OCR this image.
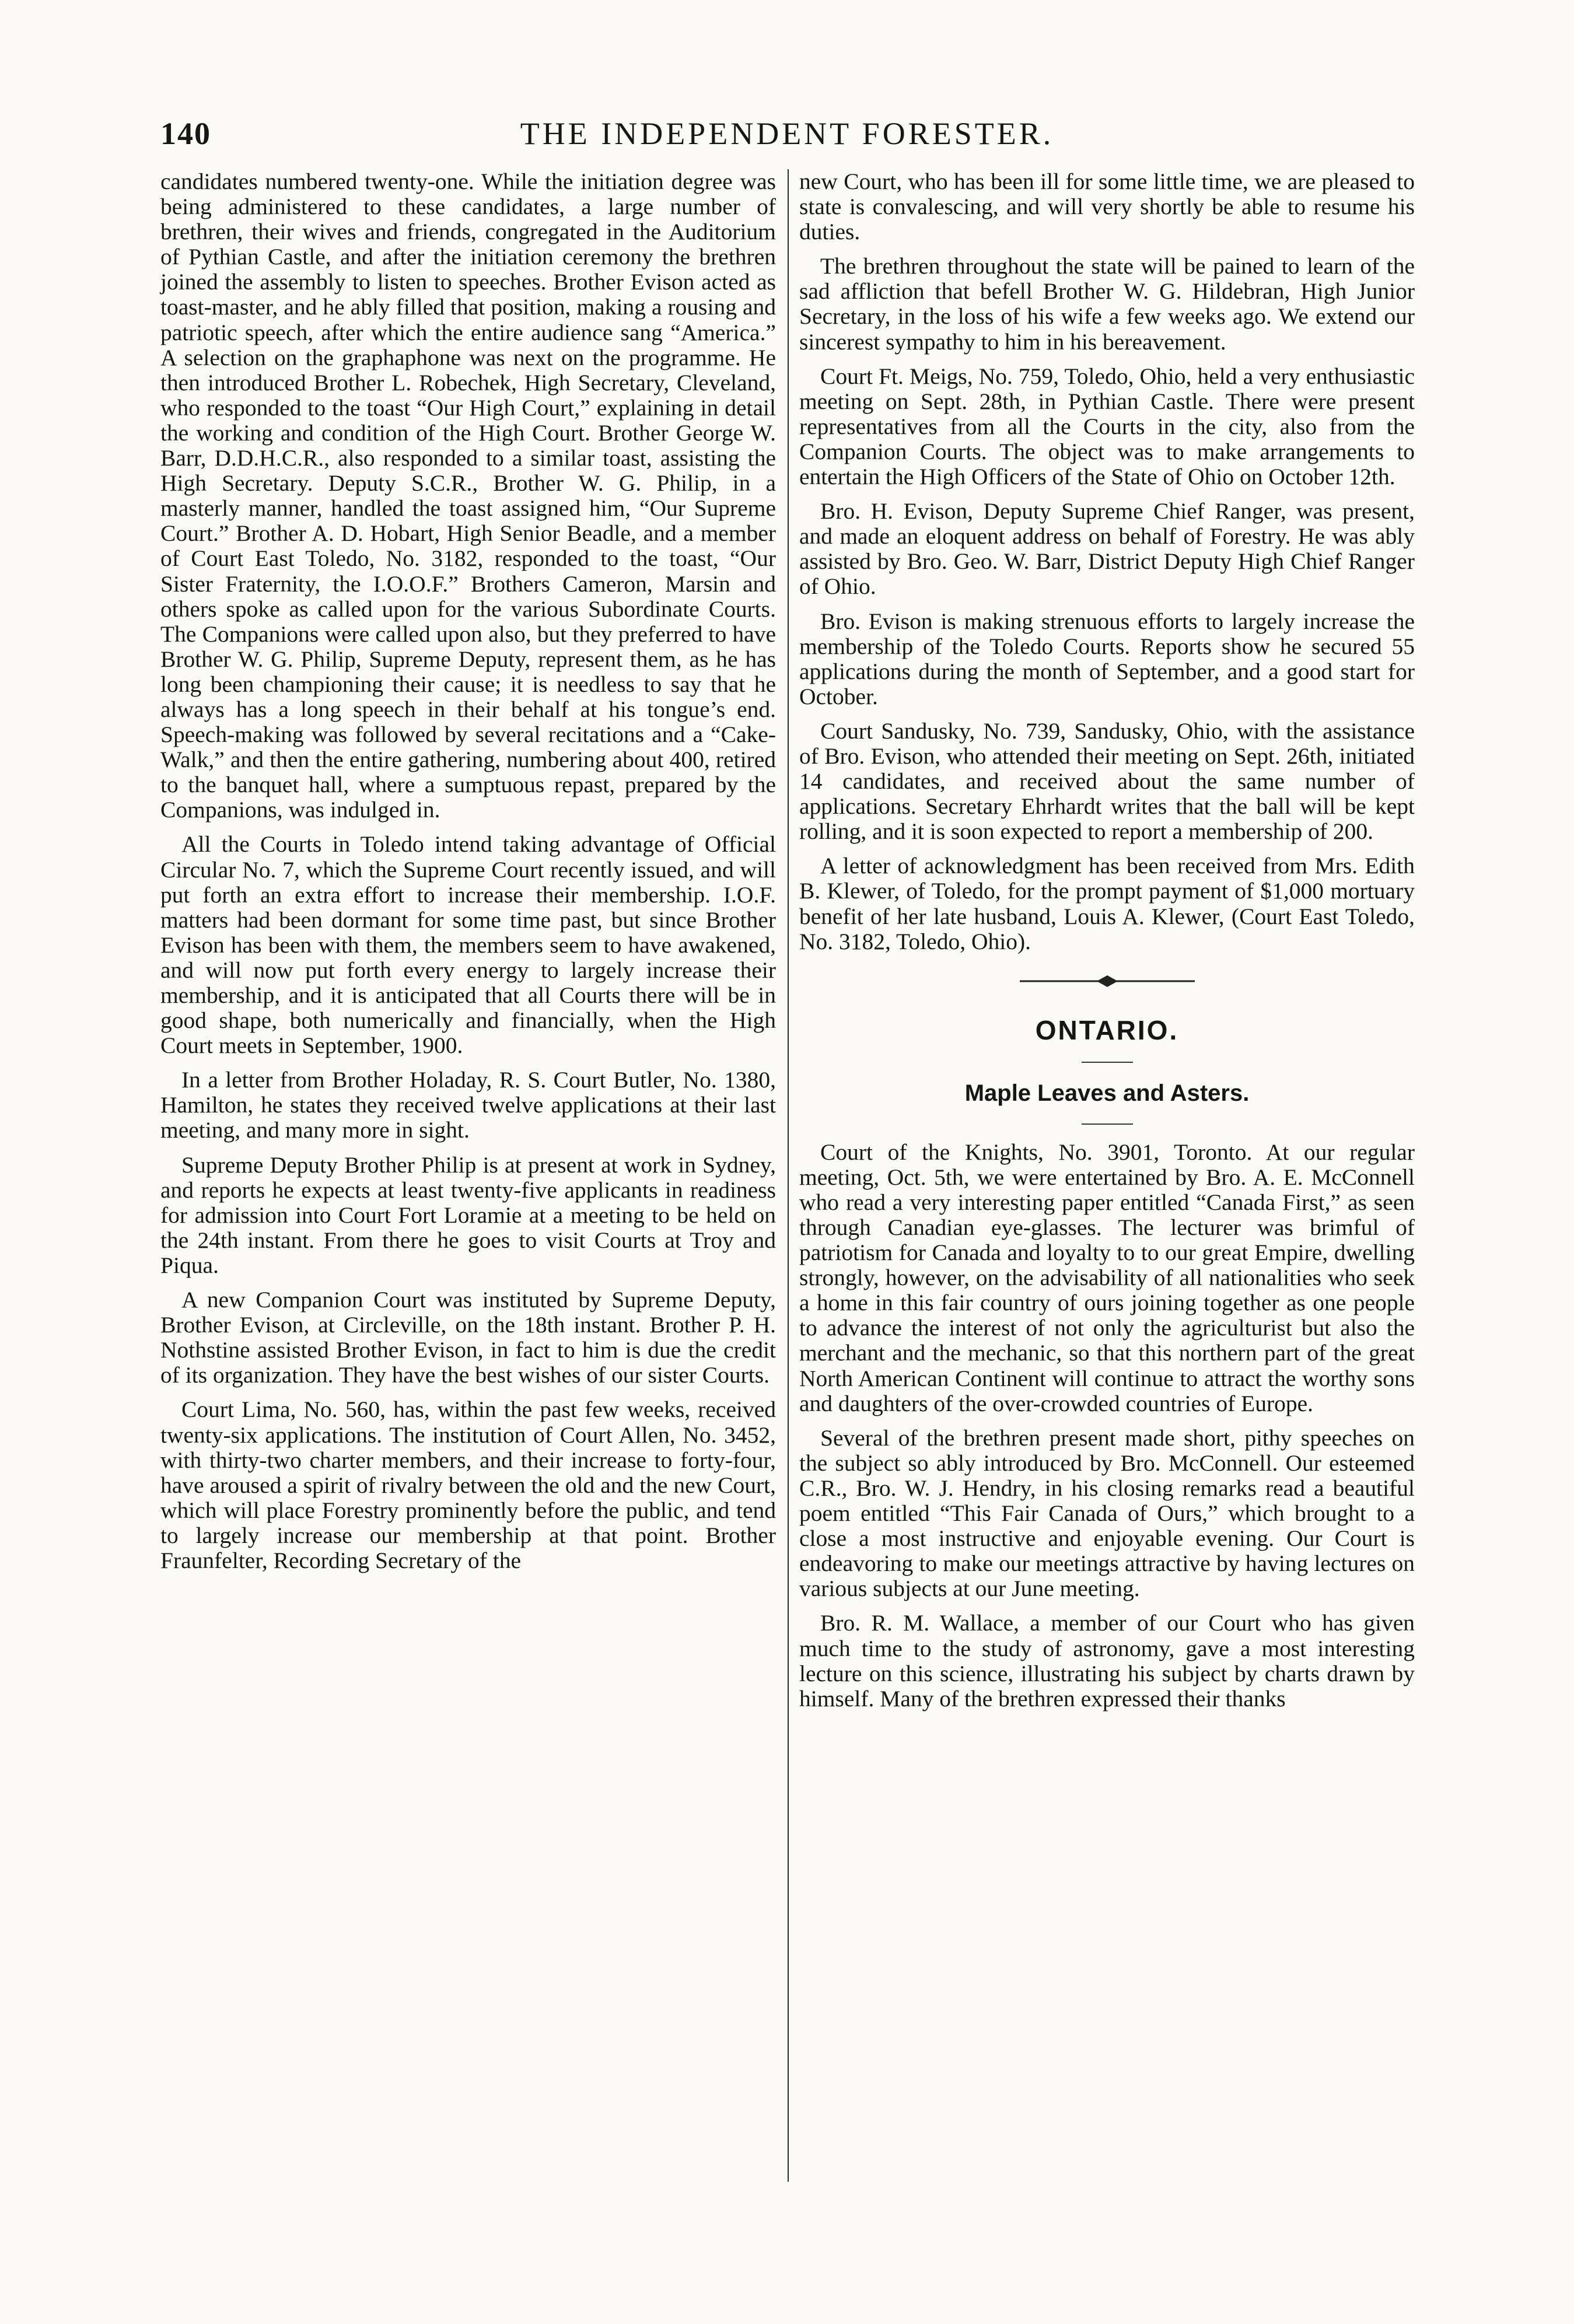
140	THE INDEPENDENT FORESTER.

candidates numbered twenty-one. While the initiation degree was being administered to these candidates, a large number of brethren, their wives and friends, congregated in the Auditorium of Pythian Castle, and after the initiation ceremony the brethren joined the assembly to listen to speeches. Brother Evison acted as toast-master, and he ably filled that position, making a rousing and patriotic speech, after which the entire audience sang “America.” A selection on the graphaphone was next on the programme. He then introduced Brother L. Robechek, High Secretary, Cleveland, who responded to the toast “Our High Court,” explaining in detail the working and condition of the High Court. Brother George W. Barr, D.D.H.C.R., also responded to a similar toast, assisting the High Secretary. Deputy S.C.R., Brother W. G. Philip, in a masterly manner, handled the toast assigned him, “Our Supreme Court.” Brother A. D. Hobart, High Senior Beadle, and a member of Court East Toledo, No. 3182, responded to the toast, “Our Sister Fraternity, the I.O.O.F.” Brothers Cameron, Marsin and others spoke as called upon for the various Subordinate Courts. The Companions were called upon also, but they preferred to have Brother W. G. Philip, Supreme Deputy, represent them, as he has long been championing their cause; it is needless to say that he always has a long speech in their behalf at his tongue’s end. Speech-making was followed by several recitations and a “Cake-Walk,” and then the entire gathering, numbering about 400, retired to the banquet hall, where a sumptuous repast, prepared by the Companions, was indulged in.

All the Courts in Toledo intend taking advantage of Official Circular No. 7, which the Supreme Court recently issued, and will put forth an extra effort to increase their membership. I.O.F. matters had been dormant for some time past, but since Brother Evison has been with them, the members seem to have awakened, and will now put forth every energy to largely increase their membership, and it is anticipated that all Courts there will be in good shape, both numerically and financially, when the High Court meets in September, 1900.

In a letter from Brother Holaday, R. S. Court Butler, No. 1380, Hamilton, he states they received twelve applications at their last meeting, and many more in sight.

Supreme Deputy Brother Philip is at present at work in Sydney, and reports he expects at least twenty-five applicants in readiness for admission into Court Fort Loramie at a meeting to be held on the 24th instant. From there he goes to visit Courts at Troy and Piqua.

A new Companion Court was instituted by Supreme Deputy, Brother Evison, at Circleville, on the 18th instant. Brother P. H. Nothstine assisted Brother Evison, in fact to him is due the credit of its organization. They have the best wishes of our sister Courts.

Court Lima, No. 560, has, within the past few weeks, received twenty-six applications. The institution of Court Allen, No. 3452, with thirty-two charter members, and their increase to forty-four, have aroused a spirit of rivalry between the old and the new Court, which will place Forestry prominently before the public, and tend to largely increase our membership at that point. Brother Fraunfelter, Recording Secretary of the

new Court, who has been ill for some little time, we are pleased to state is convalescing, and will very shortly be able to resume his duties.

The brethren throughout the state will be pained to learn of the sad affliction that befell Brother W. G. Hildebran, High Junior Secretary, in the loss of his wife a few weeks ago. We extend our sincerest sympathy to him in his bereavement.

Court Ft. Meigs, No. 759, Toledo, Ohio, held a very enthusiastic meeting on Sept. 28th, in Pythian Castle. There were present representatives from all the Courts in the city, also from the Companion Courts. The object was to make arrangements to entertain the High Officers of the State of Ohio on October 12th.

Bro. H. Evison, Deputy Supreme Chief Ranger, was present, and made an eloquent address on behalf of Forestry. He was ably assisted by Bro. Geo. W. Barr, District Deputy High Chief Ranger of Ohio.

Bro. Evison is making strenuous efforts to largely increase the membership of the Toledo Courts. Reports show he secured 55 applications during the month of September, and a good start for October.

Court Sandusky, No. 739, Sandusky, Ohio, with the assistance of Bro. Evison, who attended their meeting on Sept. 26th, initiated 14 candidates, and received about the same number of applications. Secretary Ehrhardt writes that the ball will be kept rolling, and it is soon expected to report a membership of 200.

A letter of acknowledgment has been received from Mrs. Edith B. Klewer, of Toledo, for the prompt payment of $1,000 mortuary benefit of her late husband, Louis A. Klewer, (Court East Toledo, No. 3182, Toledo, Ohio).

ONTARIO.
Maple Leaves and Asters.

Court of the Knights, No. 3901, Toronto. At our regular meeting, Oct. 5th, we were entertained by Bro. A. E. McConnell who read a very interesting paper entitled “Canada First,” as seen through Canadian eye-glasses. The lecturer was brimful of patriotism for Canada and loyalty to to our great Empire, dwelling strongly, however, on the advisability of all nationalities who seek a home in this fair country of ours joining together as one people to advance the interest of not only the agriculturist but also the merchant and the mechanic, so that this northern part of the great North American Continent will continue to attract the worthy sons and daughters of the over-crowded countries of Europe.

Several of the brethren present made short, pithy speeches on the subject so ably introduced by Bro. McConnell. Our esteemed C.R., Bro. W. J. Hendry, in his closing remarks read a beautiful poem entitled “This Fair Canada of Ours,” which brought to a close a most instructive and enjoyable evening. Our Court is endeavoring to make our meetings attractive by having lectures on various subjects at our June meeting.

Bro. R. M. Wallace, a member of our Court who has given much time to the study of astronomy, gave a most interesting lecture on this science, illustrating his subject by charts drawn by himself. Many of the brethren expressed their thanks
